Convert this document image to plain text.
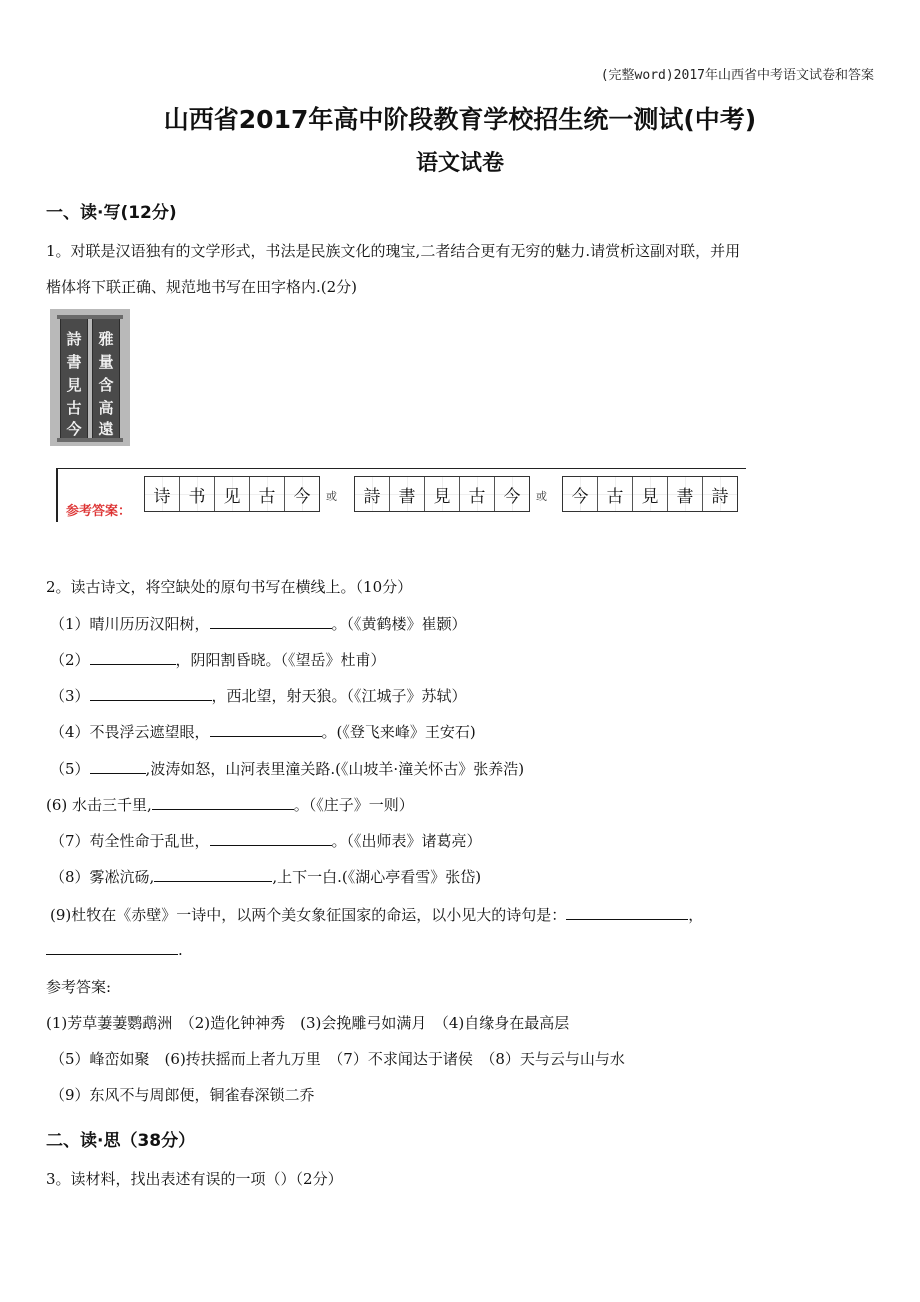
(完整word)2017年山西省中考语文试卷和答案
山西省2017年高中阶段教育学校招生统一测试(中考)
语文试卷
一、读·写(12分)
1。对联是汉语独有的文学形式，书法是民族文化的瑰宝,二者结合更有无穷的魅力.请赏析这副对联，并用
楷体将下联正确、规范地书写在田字格内.(2分)
詩
書
見
古
今
雅
量
含
高
遠
参考答案：
诗	书	见	古	今	或	詩	書	見	古	今	或	今	古	見	書	詩
2。读古诗文，将空缺处的原句书写在横线上。（10分）
（1）晴川历历汉阳树，	。（《黄鹤楼》崔颢）
（2）	，阴阳割昏晓。（《望岳》杜甫）
（3）	，西北望，射天狼。（《江城子》苏轼）
（4）不畏浮云遮望眼，	。(《登飞来峰》王安石)
（5）	,波涛如怒，山河表里潼关路.(《山坡羊·潼关怀古》张养浩)
(6) 水击三千里,	。（《庄子》一则）
（7）苟全性命于乱世，	。（《出师表》诸葛亮）
（8）雾凇沆砀,	,上下一白.(《湖心亭看雪》张岱)
(9)杜牧在《赤壁》一诗中，以两个美女象征国家的命运，以小见大的诗句是：	，
.
参考答案:
(1)芳草萋萋鹦鹉洲　（2)造化钟神秀　(3)会挽雕弓如满月　（4)自缘身在最高层
（5）峰峦如聚　(6)抟扶摇而上者九万里　（7）不求闻达于诸侯　（8）天与云与山与水
（9）东风不与周郎便，铜雀春深锁二乔
二、读·思（38分）
3。读材料，找出表述有误的一项（）（2分）
